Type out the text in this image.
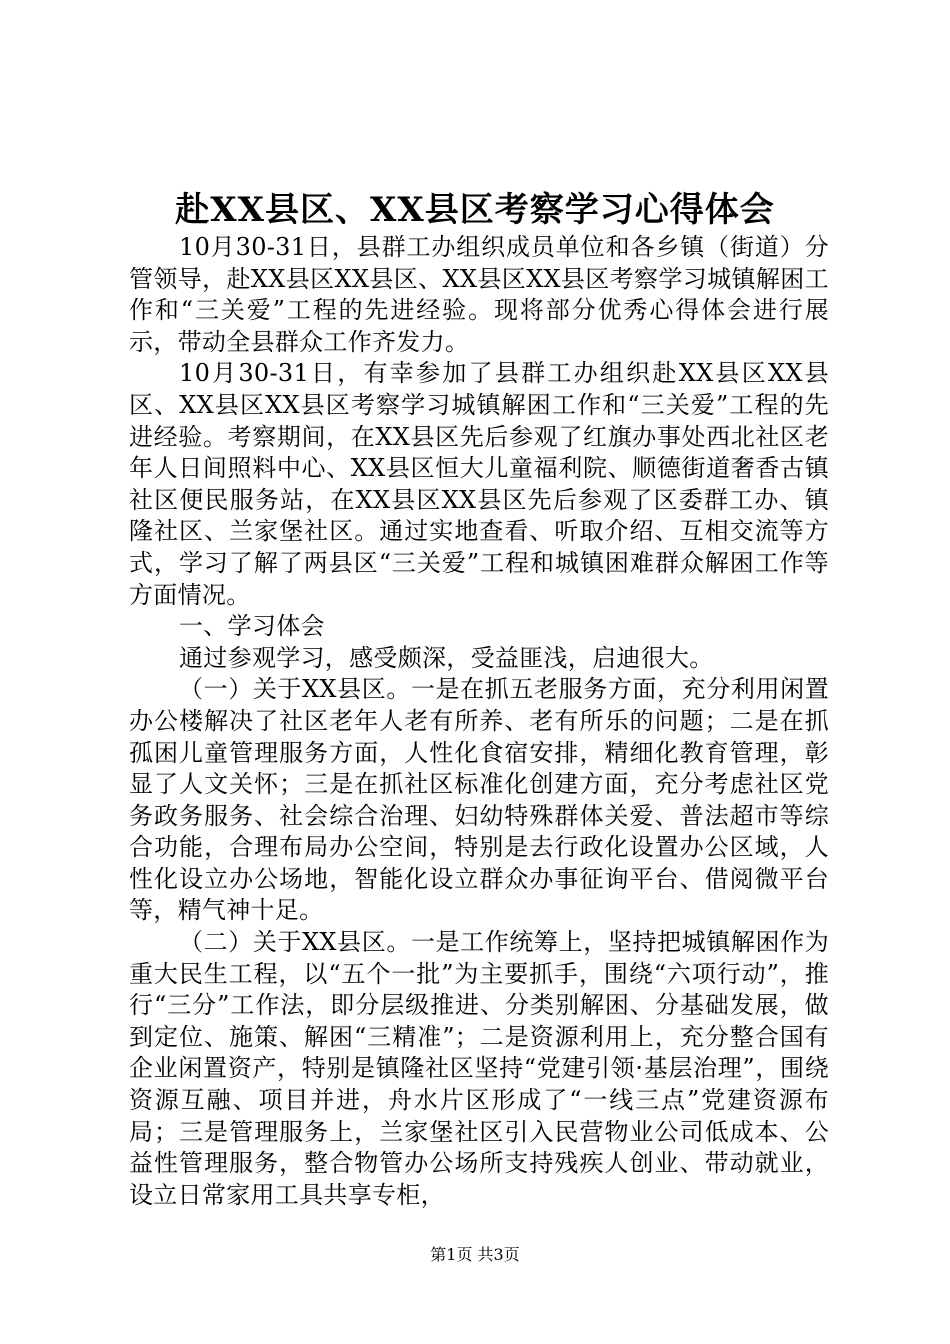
赴XX县区、XX县区考察学习心得体会

10月30-31日，县群工办组织成员单位和各乡镇（街道）分管领导，赴XX县区XX县区、XX县区XX县区考察学习城镇解困工作和“三关爱”工程的先进经验。现将部分优秀心得体会进行展示，带动全县群众工作齐发力。

10月30-31日，有幸参加了县群工办组织赴XX县区XX县区、XX县区XX县区考察学习城镇解困工作和“三关爱”工程的先进经验。考察期间，在XX县区先后参观了红旗办事处西北社区老年人日间照料中心、XX县区恒大儿童福利院、顺德街道奢香古镇社区便民服务站，在XX县区XX县区先后参观了区委群工办、镇隆社区、兰家堡社区。通过实地查看、听取介绍、互相交流等方式，学习了解了两县区“三关爱”工程和城镇困难群众解困工作等方面情况。

一、学习体会

通过参观学习，感受颇深，受益匪浅，启迪很大。

（一）关于XX县区。一是在抓五老服务方面，充分利用闲置办公楼解决了社区老年人老有所养、老有所乐的问题；二是在抓孤困儿童管理服务方面，人性化食宿安排，精细化教育管理，彰显了人文关怀；三是在抓社区标准化创建方面，充分考虑社区党务政务服务、社会综合治理、妇幼特殊群体关爱、普法超市等综合功能，合理布局办公空间，特别是去行政化设置办公区域，人性化设立办公场地，智能化设立群众办事征询平台、借阅微平台等，精气神十足。

（二）关于XX县区。一是工作统筹上，坚持把城镇解困作为重大民生工程，以“五个一批”为主要抓手，围绕“六项行动”，推行“三分”工作法，即分层级推进、分类别解困、分基础发展，做到定位、施策、解困“三精准”；二是资源利用上，充分整合国有企业闲置资产，特别是镇隆社区坚持“党建引领·基层治理”，围绕资源互融、项目并进，舟水片区形成了“一线三点”党建资源布局；三是管理服务上，兰家堡社区引入民营物业公司低成本、公益性管理服务，整合物管办公场所支持残疾人创业、带动就业，设立日常家用工具共享专柜，

第1页 共3页
